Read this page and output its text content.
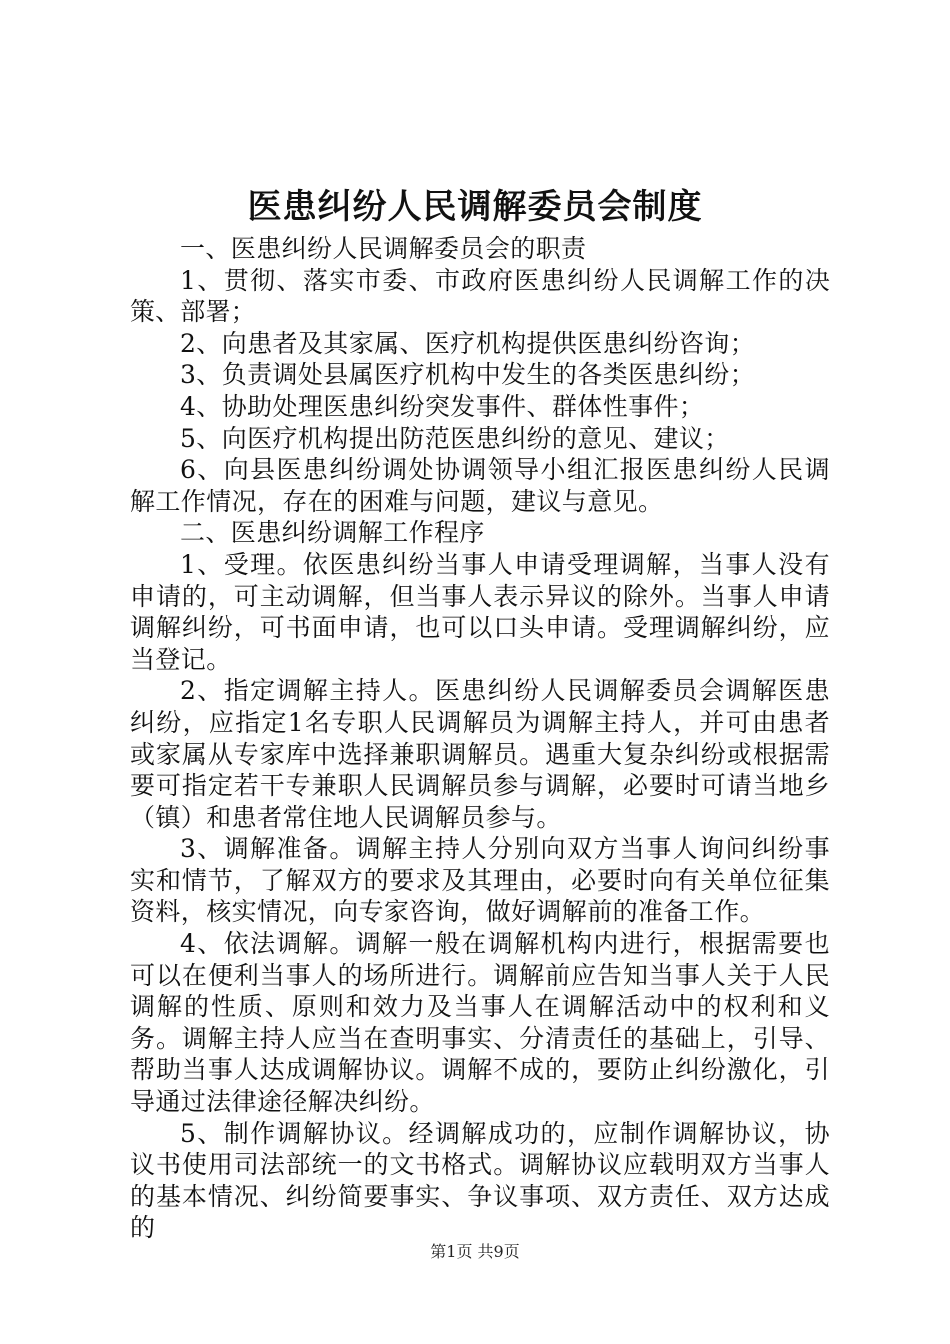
医患纠纷人民调解委员会制度

一、医患纠纷人民调解委员会的职责

1、贯彻、落实市委、市政府医患纠纷人民调解工作的决策、部署；

2、向患者及其家属、医疗机构提供医患纠纷咨询；

3、负责调处县属医疗机构中发生的各类医患纠纷；

4、协助处理医患纠纷突发事件、群体性事件；

5、向医疗机构提出防范医患纠纷的意见、建议；

6、向县医患纠纷调处协调领导小组汇报医患纠纷人民调解工作情况，存在的困难与问题，建议与意见。

二、医患纠纷调解工作程序

1、受理。依医患纠纷当事人申请受理调解，当事人没有申请的，可主动调解，但当事人表示异议的除外。当事人申请调解纠纷，可书面申请，也可以口头申请。受理调解纠纷，应当登记。

2、指定调解主持人。医患纠纷人民调解委员会调解医患纠纷，应指定1名专职人民调解员为调解主持人，并可由患者或家属从专家库中选择兼职调解员。遇重大复杂纠纷或根据需要可指定若干专兼职人民调解员参与调解，必要时可请当地乡（镇）和患者常住地人民调解员参与。

3、调解准备。调解主持人分别向双方当事人询问纠纷事实和情节，了解双方的要求及其理由，必要时向有关单位征集资料，核实情况，向专家咨询，做好调解前的准备工作。

4、依法调解。调解一般在调解机构内进行，根据需要也可以在便利当事人的场所进行。调解前应告知当事人关于人民调解的性质、原则和效力及当事人在调解活动中的权利和义务。调解主持人应当在查明事实、分清责任的基础上，引导、帮助当事人达成调解协议。调解不成的，要防止纠纷激化，引导通过法律途径解决纠纷。

5、制作调解协议。经调解成功的，应制作调解协议，协议书使用司法部统一的文书格式。调解协议应载明双方当事人的基本情况、纠纷简要事实、争议事项、双方责任、双方达成的

第1页 共9页
